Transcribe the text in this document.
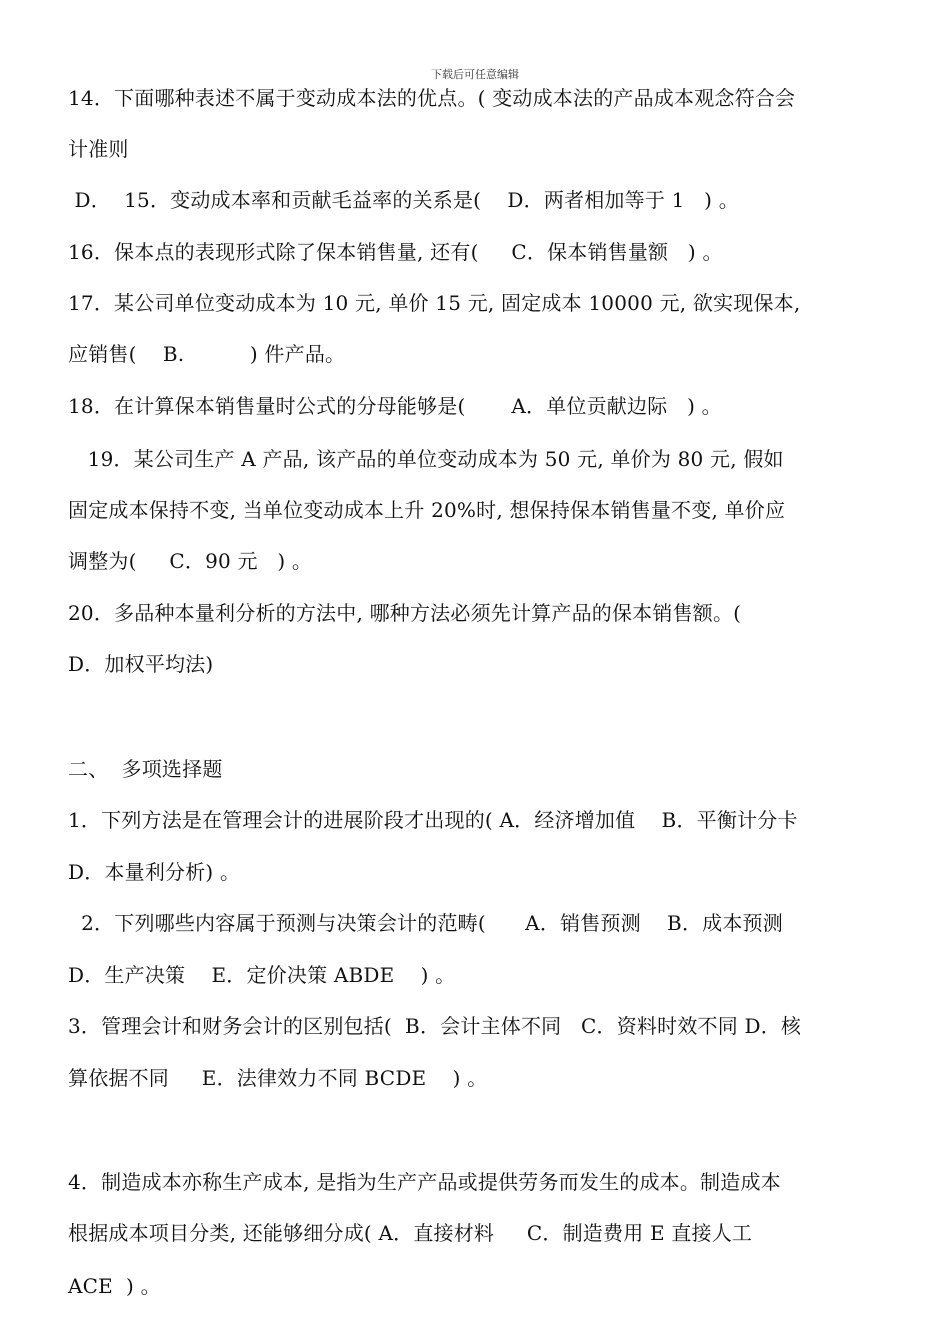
下载后可任意编辑
14．下面哪种表述不属于变动成本法的优点。( 变动成本法的产品成本观念符合会
计准则
D．  15．变动成本率和贡献毛益率的关系是(    D．两者相加等于 1   ) 。
16．保本点的表现形式除了保本销售量, 还有(     C．保本销售量额   ) 。
17．某公司单位变动成本为 10 元, 单价 15 元, 固定成本 10000 元, 欲实现保本,
应销售(    B.          ) 件产品。
18．在计算保本销售量时公式的分母能够是(       A．单位贡献边际   ) 。
19．某公司生产 A 产品, 该产品的单位变动成本为 50 元, 单价为 80 元, 假如
固定成本保持不变, 当单位变动成本上升 20%时, 想保持保本销售量不变, 单价应
调整为(     C．90 元   ) 。
20．多品种本量利分析的方法中, 哪种方法必须先计算产品的保本销售额。(
D．加权平均法)
二、  多项选择题
1．下列方法是在管理会计的进展阶段才出现的( A．经济增加值    B．平衡计分卡
D．本量利分析) 。
2．下列哪些内容属于预测与决策会计的范畴(      A．销售预测    B．成本预测
D．生产决策    E．定价决策 ABDE    ) 。
3．管理会计和财务会计的区别包括(  B．会计主体不同   C．资料时效不同 D．核
算依据不同     E．法律效力不同 BCDE    ) 。
4．制造成本亦称生产成本, 是指为生产产品或提供劳务而发生的成本。制造成本
根据成本项目分类, 还能够细分成( A．直接材料     C．制造费用 E 直接人工
ACE  ) 。
